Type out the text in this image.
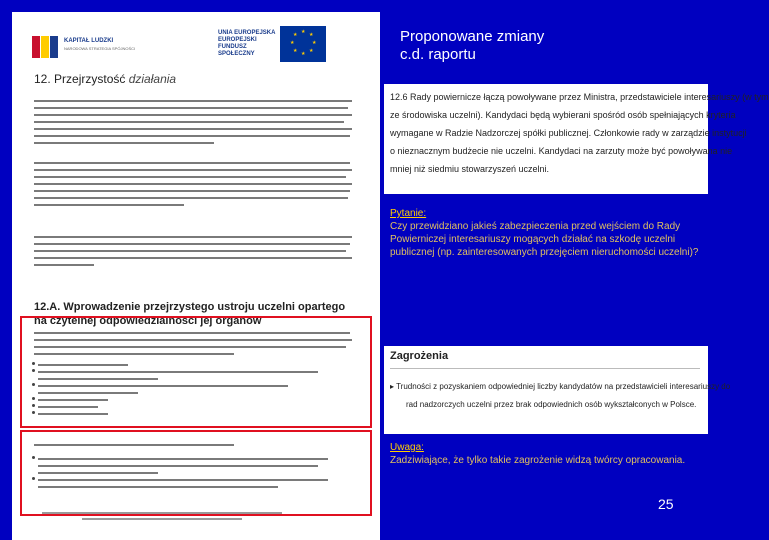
KAPITAŁ LUDZKI
NARODOWA STRATEGIA SPÓJNOŚCI
UNIA EUROPEJSKA EUROPEJSKI FUNDUSZ SPOŁECZNY
★ ★
★
★
★
★
★
★
12. Przejrzystość działania
12.A. Wprowadzenie przejrzystego ustroju uczelni opartego na czytelnej odpowiedzialności jej organów
Proponowane zmiany
c.d. raportu
12.6 Rady powiernicze łączą powoływane przez Ministra, przedstawiciele interesariuszy (w tym
ze środowiska uczelni). Kandydaci będą wybierani spośród osób spełniających kryteria
wymagane w Radzie Nadzorczej spółki publicznej. Członkowie rady w zarządzie instytucji
o nieznacznym budżecie nie uczelni. Kandydaci na zarzuty może być powoływana nie
mniej niż siedmiu stowarzyszeń uczelni.
Pytanie:
Czy przewidziano jakieś zabezpieczenia przed wejściem do Rady Powierniczej interesariuszy mogących działać na szkodę uczelni publicznej (np. zainteresowanych przejęciem nieruchomości uczelni)?
Zagrożenia
▸ Trudności z pozyskaniem odpowiedniej liczby kandydatów na przedstawicieli interesariuszy do
rad nadzorczych uczelni przez brak odpowiednich osób wykształconych w Polsce.
Uwaga:
Zadziwiające, że tylko takie zagrożenie widzą twórcy opracowania.
25
